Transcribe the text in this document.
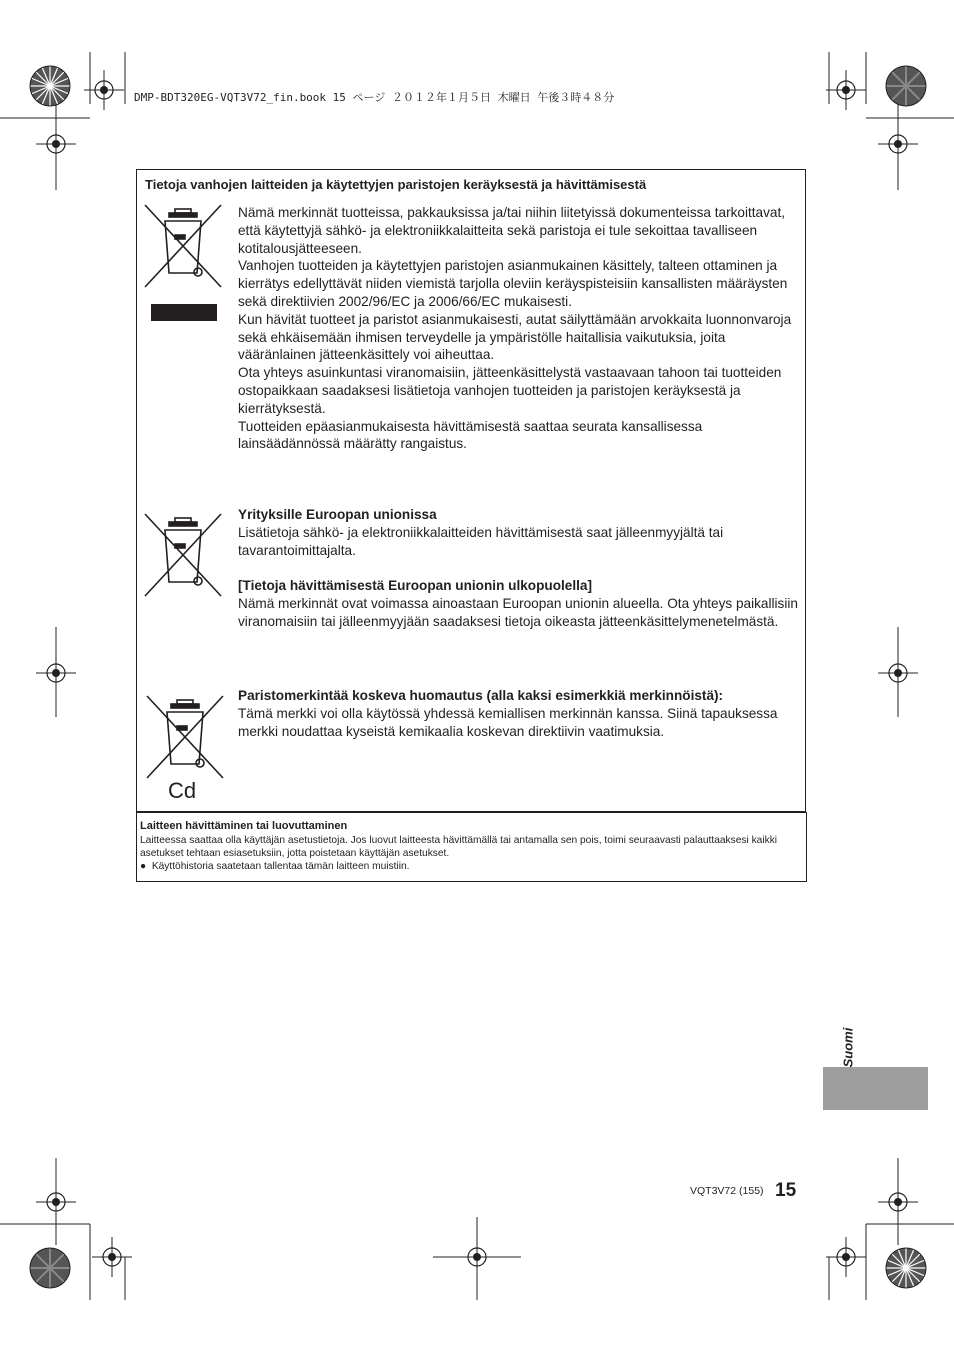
DMP-BDT320EG-VQT3V72_fin.book 15 ページ ２０１２年１月５日 木曜日 午後３時４８分
Tietoja vanhojen laitteiden ja käytettyjen paristojen keräyksestä ja hävittämisestä

Nämä merkinnät tuotteissa, pakkauksissa ja/tai niihin liitetyissä dokumenteissa tarkoittavat, että käytettyjä sähkö- ja elektroniikkalaitteita sekä paristoja ei tule sekoittaa tavalliseen kotitalousjätteeseen.

Vanhojen tuotteiden ja käytettyjen paristojen asianmukainen käsittely, talteen ottaminen ja kierrätys edellyttävät niiden viemistä tarjolla oleviin keräyspisteisiin kansallisten määräysten sekä direktiivien 2002/96/EC ja 2006/66/EC mukaisesti.

Kun hävität tuotteet ja paristot asianmukaisesti, autat säilyttämään arvokkaita luonnonvaroja sekä ehkäisemään ihmisen terveydelle ja ympäristölle haitallisia vaikutuksia, joita vääränlainen jätteenkäsittely voi aiheuttaa.

Ota yhteys asuinkuntasi viranomaisiin, jätteenkäsittelystä vastaavaan tahoon tai tuotteiden ostopaikkaan saadaksesi lisätietoja vanhojen tuotteiden ja paristojen keräyksestä ja kierrätyksestä.

Tuotteiden epäasianmukaisesta hävittämisestä saattaa seurata kansallisessa lainsäädännössä määrätty rangaistus.

Yrityksille Euroopan unionissa

Lisätietoja sähkö- ja elektroniikkalaitteiden hävittämisestä saat jälleenmyyjältä tai tavarantoimittajalta.

[Tietoja hävittämisestä Euroopan unionin ulkopuolella]

Nämä merkinnät ovat voimassa ainoastaan Euroopan unionin alueella. Ota yhteys paikallisiin viranomaisiin tai jälleenmyyjään saadaksesi tietoja oikeasta jätteenkäsittelymenetelmästä.

Cd

Paristomerkintää koskeva huomautus (alla kaksi esimerkkiä merkinnöistä):

Tämä merkki voi olla käytössä yhdessä kemiallisen merkinnän kanssa. Siinä tapauksessa merkki noudattaa kyseistä kemikaalia koskevan direktiivin vaatimuksia.

Laitteen hävittäminen tai luovuttaminen

Laitteessa saattaa olla käyttäjän asetustietoja. Jos luovut laitteesta hävittämällä tai antamalla sen pois, toimi seuraavasti palauttaaksesi kaikki asetukset tehtaan esiasetuksiin, jotta poistetaan käyttäjän asetukset.

● Käyttöhistoria saatetaan tallentaa tämän laitteen muistiin.

Suomi
VQT3V72 (155) 15
